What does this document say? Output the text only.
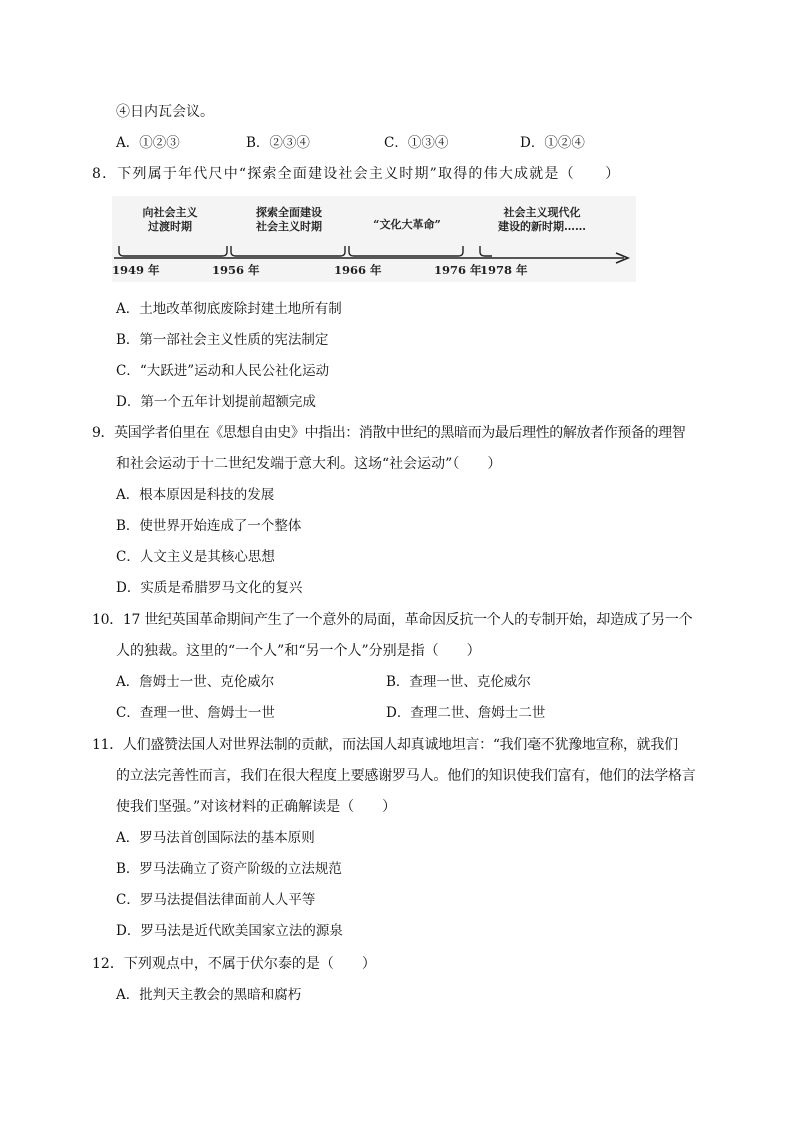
④日内瓦会议。
A．①②③	B．②③④	C．①③④	D．①②④
8．下列属于年代尺中“探索全面建设社会主义时期”取得的伟大成就是（　　）
向社会主义
过渡时期
探索全面建设
社会主义时期	“文化大革命”
社会主义现代化
建设的新时期……
1949 年	1956 年	1966 年	1976 年
1978 年
A．土地改革彻底废除封建土地所有制
B．第一部社会主义性质的宪法制定
C．“大跃进”运动和人民公社化运动
D．第一个五年计划提前超额完成
9．英国学者伯里在《思想自由史》中指出：消散中世纪的黑暗而为最后理性的解放者作预备的理智
和社会运动于十二世纪发端于意大利。这场“社会运动”（　　）
A．根本原因是科技的发展
B．使世界开始连成了一个整体
C．人文主义是其核心思想
D．实质是希腊罗马文化的复兴
10．17 世纪英国革命期间产生了一个意外的局面，革命因反抗一个人的专制开始，却造成了另一个
人的独裁。这里的“一个人”和“另一个人”分别是指（　　）
A．詹姆士一世、克伦威尔	B．查理一世、克伦威尔
C．查理一世、詹姆士一世	D．查理二世、詹姆士二世
11．人们盛赞法国人对世界法制的贡献，而法国人却真诚地坦言：“我们毫不犹豫地宣称，就我们
的立法完善性而言，我们在很大程度上要感谢罗马人。他们的知识使我们富有，他们的法学格言
使我们坚强。”对该材料的正确解读是（　　）
A．罗马法首创国际法的基本原则
B．罗马法确立了资产阶级的立法规范
C．罗马法提倡法律面前人人平等
D．罗马法是近代欧美国家立法的源泉
12．下列观点中，不属于伏尔泰的是（　　）
A．批判天主教会的黑暗和腐朽
